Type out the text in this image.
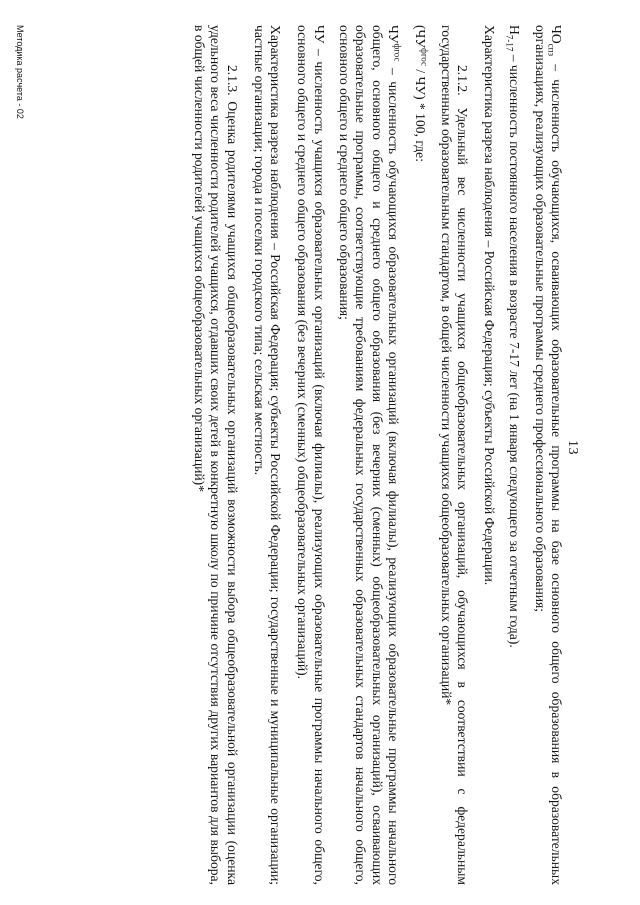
13

$ЧО_{спз}$ – численность обучающихся, осваивающих образовательные программы на базе основного общего образования в образовательных организациях, реализующих образовательные программы среднего профессионального образования;

$Н_{7-17}$ – численность постоянного населения в возрасте 7-17 лет (на 1 января следующего за отчетным года).

Характеристика разреза наблюдения – Российская Федерация; субъекты Российской Федерации.

2.1.2. Удельный вес численности учащихся общеобразовательных организаций, обучающихся в соответствии с федеральным государственным образовательным стандартом, в общей численности учащихся общеобразовательных организаций*

$(ЧУ^{фгос} / ЧУ) * 100$, где:

$ЧУ^{фгос}$ – численность обучающихся образовательных организаций (включая филиалы), реализующих образовательные программы начального общего, основного общего и среднего общего образования (без вечерних (сменных) общеобразовательных организаций), осваивающих образовательные программы, соответствующие требованиям федеральных государственных образовательных стандартов начального общего, основного общего и среднего общего образования;

ЧУ – численность учащихся образовательных организаций (включая филиалы), реализующих образовательные программы начального общего, основного общего и среднего общего образования (без вечерних (сменных) общеобразовательных организаций).

Характеристика разреза наблюдения – Российская Федерация; субъекты Российской Федерации; государственные и муниципальные организации; частные организации; города и поселки городского типа; сельская местность.

2.1.3. Оценка родителями учащихся общеобразовательных организаций возможности выбора общеобразовательной организации (оценка удельного веса численности родителей учащихся, отдавших своих детей в конкретную школу по причине отсутствия других вариантов для выбора, в общей численности родителей учащихся общеобразовательных организаций)*

Методика расчета - 02
